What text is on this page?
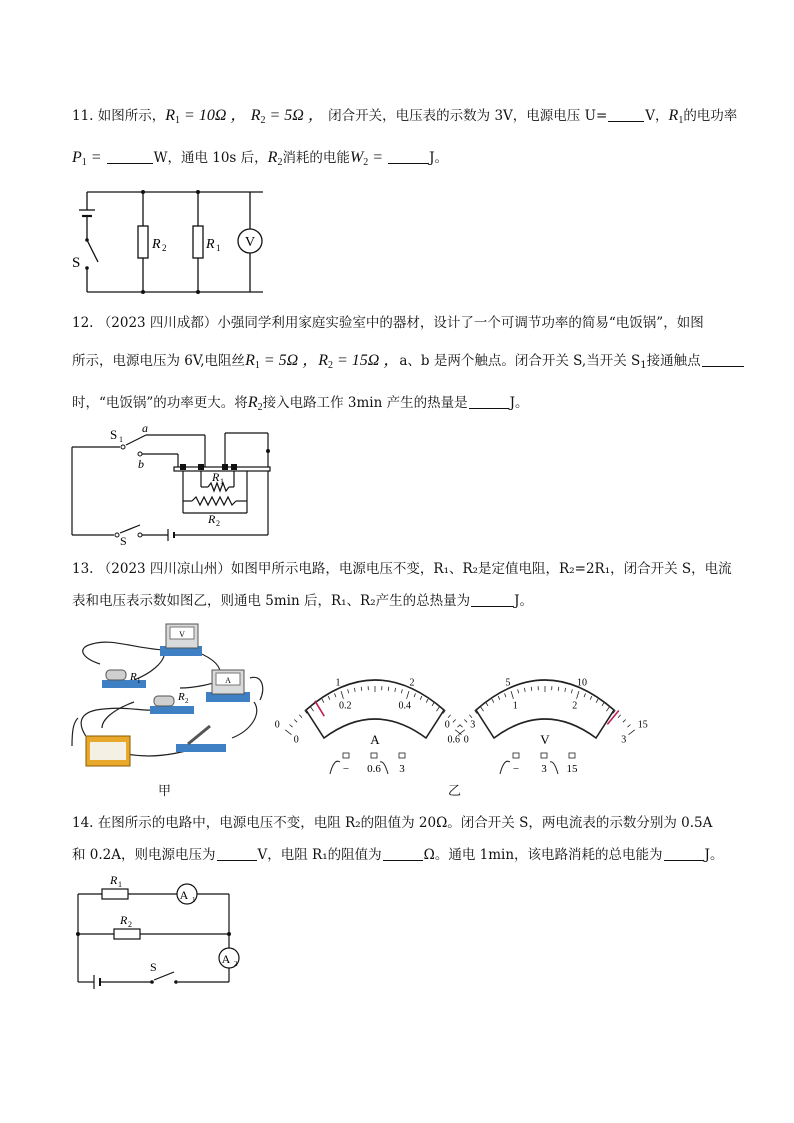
11. 如图所示，$R_1 = 10\Omega$ ， $R_2 = 5\Omega$ ， 闭合开关，电压表的示数为 3V，电源电压 U=	V，$R_1$的电功率
$P_1$ =	W，通电 10s 后，$R_2$消耗的电能$W_2$ =	J。
S
R 2	R 1 V
12. （2023 四川成都）小强同学利用家庭实验室中的器材，设计了一个可调节功率的简易“电饭锅”，如图
所示，电源电压为 6V,电阻丝$R_1 = 5\Omega$ ，$R_2 = 15\Omega$ ，a、b 是两个触点。闭合开关 S,当开关 $S_1$接通触点
时，“电饭锅”的功率更大。将$R_2$接入电路工作 3min 产生的热量是	J。
S 1
a
b
R 1
R 2
S
13. （2023 四川凉山州）如图甲所示电路，电源电压不变，R₁、R₂是定值电阻，R₂=2R₁，闭合开关 S，电流
表和电压表示数如图乙，则通电 5min 后，R₁、R₂产生的总热量为	J。
V
R 1
R 2
A
甲
0
1	2
3
0
0.2	0.4
0.6
A
− 0.6 3
0
5	10
15
0
1	2
3
V
− 3 15
乙
14. 在图所示的电路中，电源电压不变，电阻 R₂的阻值为 20Ω。闭合开关 S，两电流表的示数分别为 0.5A
和 0.2A，则电源电压为	V，电阻 R₁的阻值为	Ω。通电 1min，该电路消耗的总电能为	J。
R 1
R 2
A 1
A 2
S
